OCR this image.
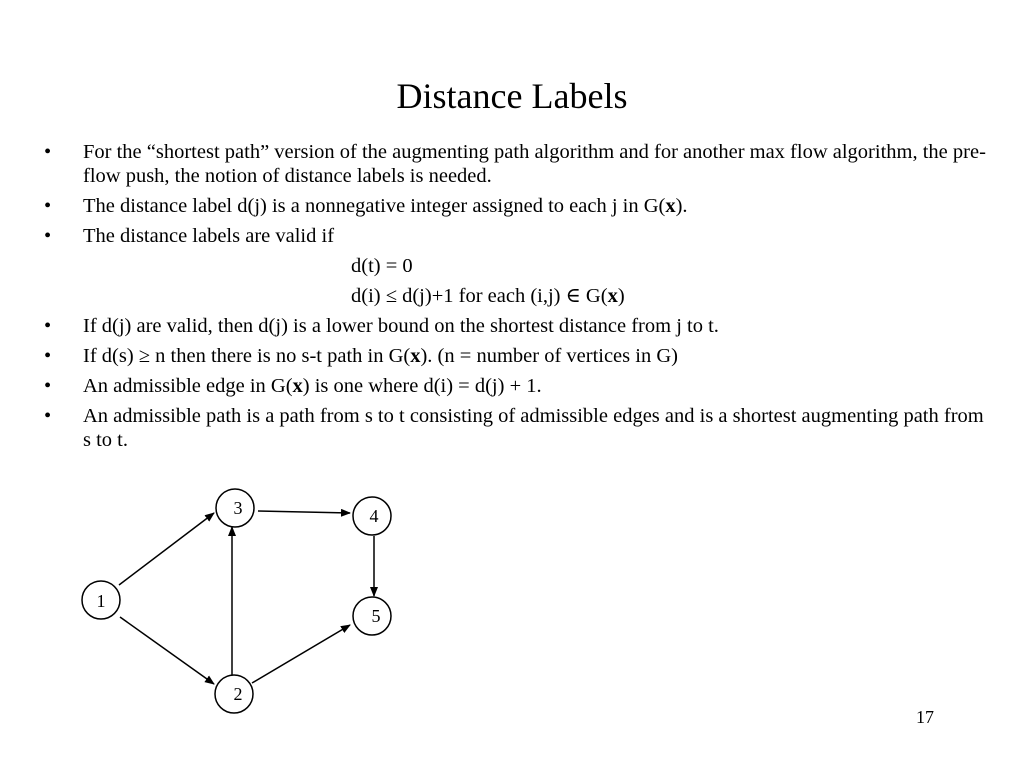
Distance Labels
•	For the “shortest path” version of the augmenting path algorithm and for another max flow algorithm, the pre-flow push, the notion of distance labels is needed.
•	The distance label d(j) is a nonnegative integer assigned to each j in G(x).
•	The distance labels are valid if
d(t) = 0
d(i) ≤ d(j)+1 for each (i,j) ∈ G(x)
•	If d(j) are valid, then d(j) is a lower bound on the shortest distance from j to t.
•	If d(s) ≥ n then there is no s-t path in G(x). (n = number of vertices in G)
•	An admissible edge in G(x) is one where d(i) = d(j) + 1.
•	An admissible path is a path from s to t consisting of admissible edges and is a shortest augmenting path from s to t.
1
2
3	4
5
17
